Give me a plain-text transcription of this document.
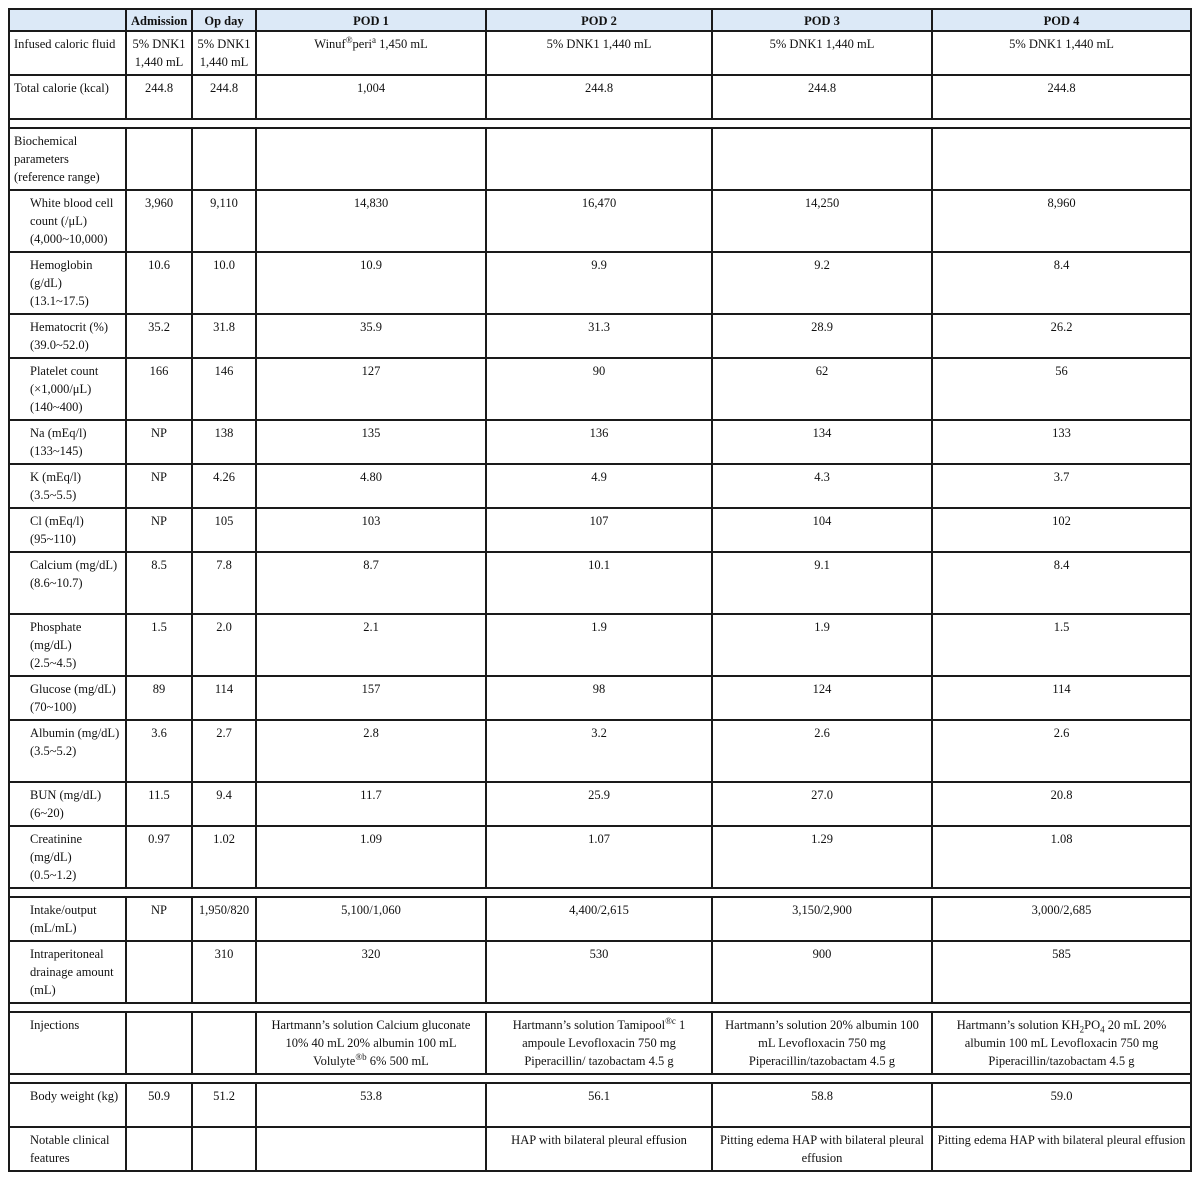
	Admission	Op day	POD 1	POD 2	POD 3	POD 4
Infused caloric fluid	5% DNK1 1,440 mL	5% DNK1 1,440 mL	Winuf®peri$^a$ 1,450 mL	5% DNK1 1,440 mL	5% DNK1 1,440 mL	5% DNK1 1,440 mL
Total calorie (kcal)	244.8	244.8	1,004	244.8	244.8	244.8

Biochemical parameters (reference range)						
White blood cell count (/μL) (4,000~10,000)	3,960	9,110	14,830	16,470	14,250	8,960
Hemoglobin (g/dL) (13.1~17.5)	10.6	10.0	10.9	9.9	9.2	8.4
Hematocrit (%) (39.0~52.0)	35.2	31.8	35.9	31.3	28.9	26.2
Platelet count (×1,000/μL) (140~400)	166	146	127	90	62	56
Na (mEq/l) (133~145)	NP	138	135	136	134	133
K (mEq/l) (3.5~5.5)	NP	4.26	4.80	4.9	4.3	3.7
Cl (mEq/l) (95~110)	NP	105	103	107	104	102
Calcium (mg/dL) (8.6~10.7)	8.5	7.8	8.7	10.1	9.1	8.4
Phosphate (mg/dL) (2.5~4.5)	1.5	2.0	2.1	1.9	1.9	1.5
Glucose (mg/dL) (70~100)	89	114	157	98	124	114
Albumin (mg/dL) (3.5~5.2)	3.6	2.7	2.8	3.2	2.6	2.6
BUN (mg/dL) (6~20)	11.5	9.4	11.7	25.9	27.0	20.8
Creatinine (mg/dL) (0.5~1.2)	0.97	1.02	1.09	1.07	1.29	1.08

Intake/output (mL/mL)	NP	1,950/820	5,100/1,060	4,400/2,615	3,150/2,900	3,000/2,685
Intraperitoneal drainage amount (mL)		310	320	530	900	585

Injections			Hartmann’s solution Calcium gluconate 10% 40 mL 20% albumin 100 mL Volulyte$^{®b}$ 6% 500 mL	Hartmann’s solution Tamipool$^{®c}$ 1 ampoule Levofloxacin 750 mg Piperacillin/ tazobactam 4.5 g	Hartmann’s solution 20% albumin 100 mL Levofloxacin 750 mg Piperacillin/tazobactam 4.5 g	Hartmann’s solution $KH_2PO_4$ 20 mL 20% albumin 100 mL Levofloxacin 750 mg Piperacillin/tazobactam 4.5 g

Body weight (kg)	50.9	51.2	53.8	56.1	58.8	59.0
Notable clinical features				HAP with bilateral pleural effusion	Pitting edema HAP with bilateral pleural effusion	Pitting edema HAP with bilateral pleural effusion
